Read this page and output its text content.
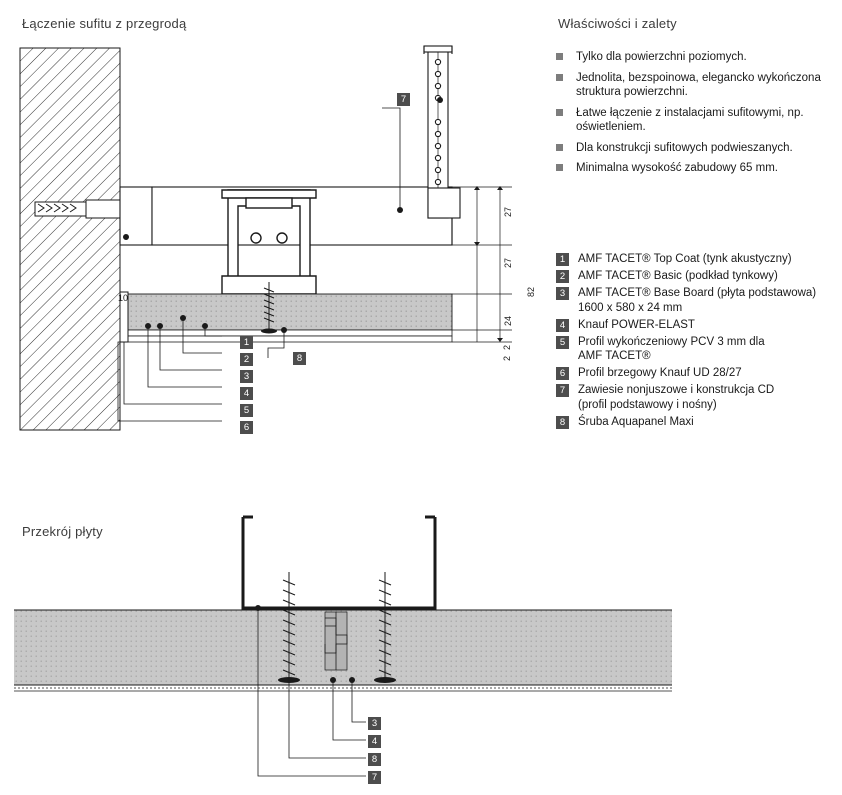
Łączenie sufitu z przegrodą	Właściwości i zalety
Przekrój płyty
1
2
3
4
5
6
7
8
27
27
24
2
2
82
10
Tylko dla powierzchni poziomych.
Jednolita, bezspoinowa, elegancko wykończona struktura powierzchni.
Łatwe łączenie z instalacjami sufitowymi, np. oświetleniem.
Dla konstrukcji sufitowych podwieszanych.
Minimalna wysokość zabudowy 65 mm.
1	AMF TACET® Top Coat (tynk akustyczny)
2	AMF TACET® Basic (podkład tynkowy)
3	AMF TACET® Base Board (płyta podstawowa)
1600 x 580 x 24 mm
4	Knauf POWER-ELAST
5	Profil wykończeniowy PCV 3 mm dla
AMF TACET®
6	Profil brzegowy Knauf UD 28/27
7	Zawiesie nonjuszowe i konstrukcja CD
(profil podstawowy i nośny)
8	Śruba Aquapanel Maxi
3
4
8
7
